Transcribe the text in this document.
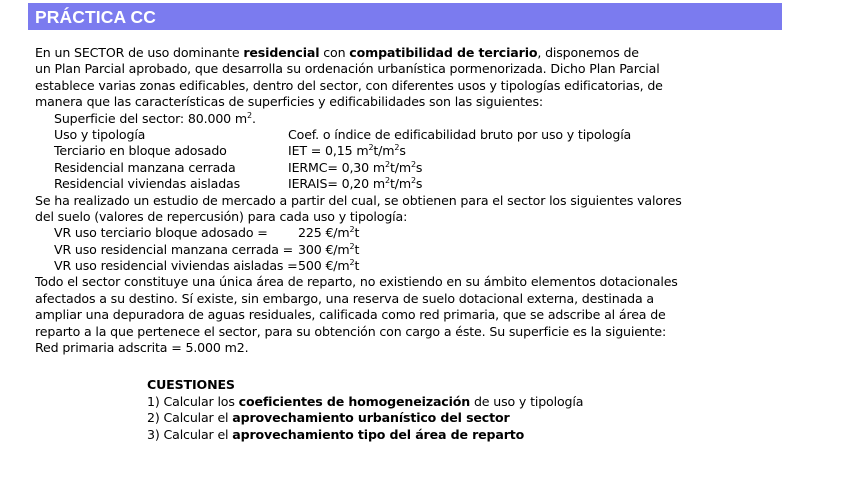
PRÁCTICA CC
En un SECTOR de uso dominante residencial con compatibilidad de terciario, disponemos de
un Plan Parcial aprobado, que desarrolla su ordenación urbanística pormenorizada. Dicho Plan Parcial
establece varias zonas edificables, dentro del sector, con diferentes usos y tipologías edificatorias, de
manera que las características de superficies y edificabilidades son las siguientes:
Superficie del sector: 80.000 $m^2$.
Uso y tipología	Coef. o índice de edificabilidad bruto por uso y tipología
Terciario en bloque adosado	IET = 0,15 $m^2t/m^2s$
Residencial manzana cerrada	IERMC= 0,30 $m^2t/m^2s$
Residencial viviendas aisladas	IERAIS= 0,20 $m^2t/m^2s$
Se ha realizado un estudio de mercado a partir del cual, se obtienen para el sector los siguientes valores
del suelo (valores de repercusión) para cada uso y tipología:
VR uso terciario bloque adosado = 225 $€/m^2t$
VR uso residencial manzana cerrada = 300 $€/m^2t$
VR uso residencial viviendas aisladas =500 $€/m^2t$
Todo el sector constituye una única área de reparto, no existiendo en su ámbito elementos dotacionales
afectados a su destino. Sí existe, sin embargo, una reserva de suelo dotacional externa, destinada a
ampliar una depuradora de aguas residuales, calificada como red primaria, que se adscribe al área de
reparto a la que pertenece el sector, para su obtención con cargo a éste. Su superficie es la siguiente:
Red primaria adscrita = 5.000 m2.
CUESTIONES
1) Calcular los coeficientes de homogeneización de uso y tipología
2) Calcular el aprovechamiento urbanístico del sector
3) Calcular el aprovechamiento tipo del área de reparto
